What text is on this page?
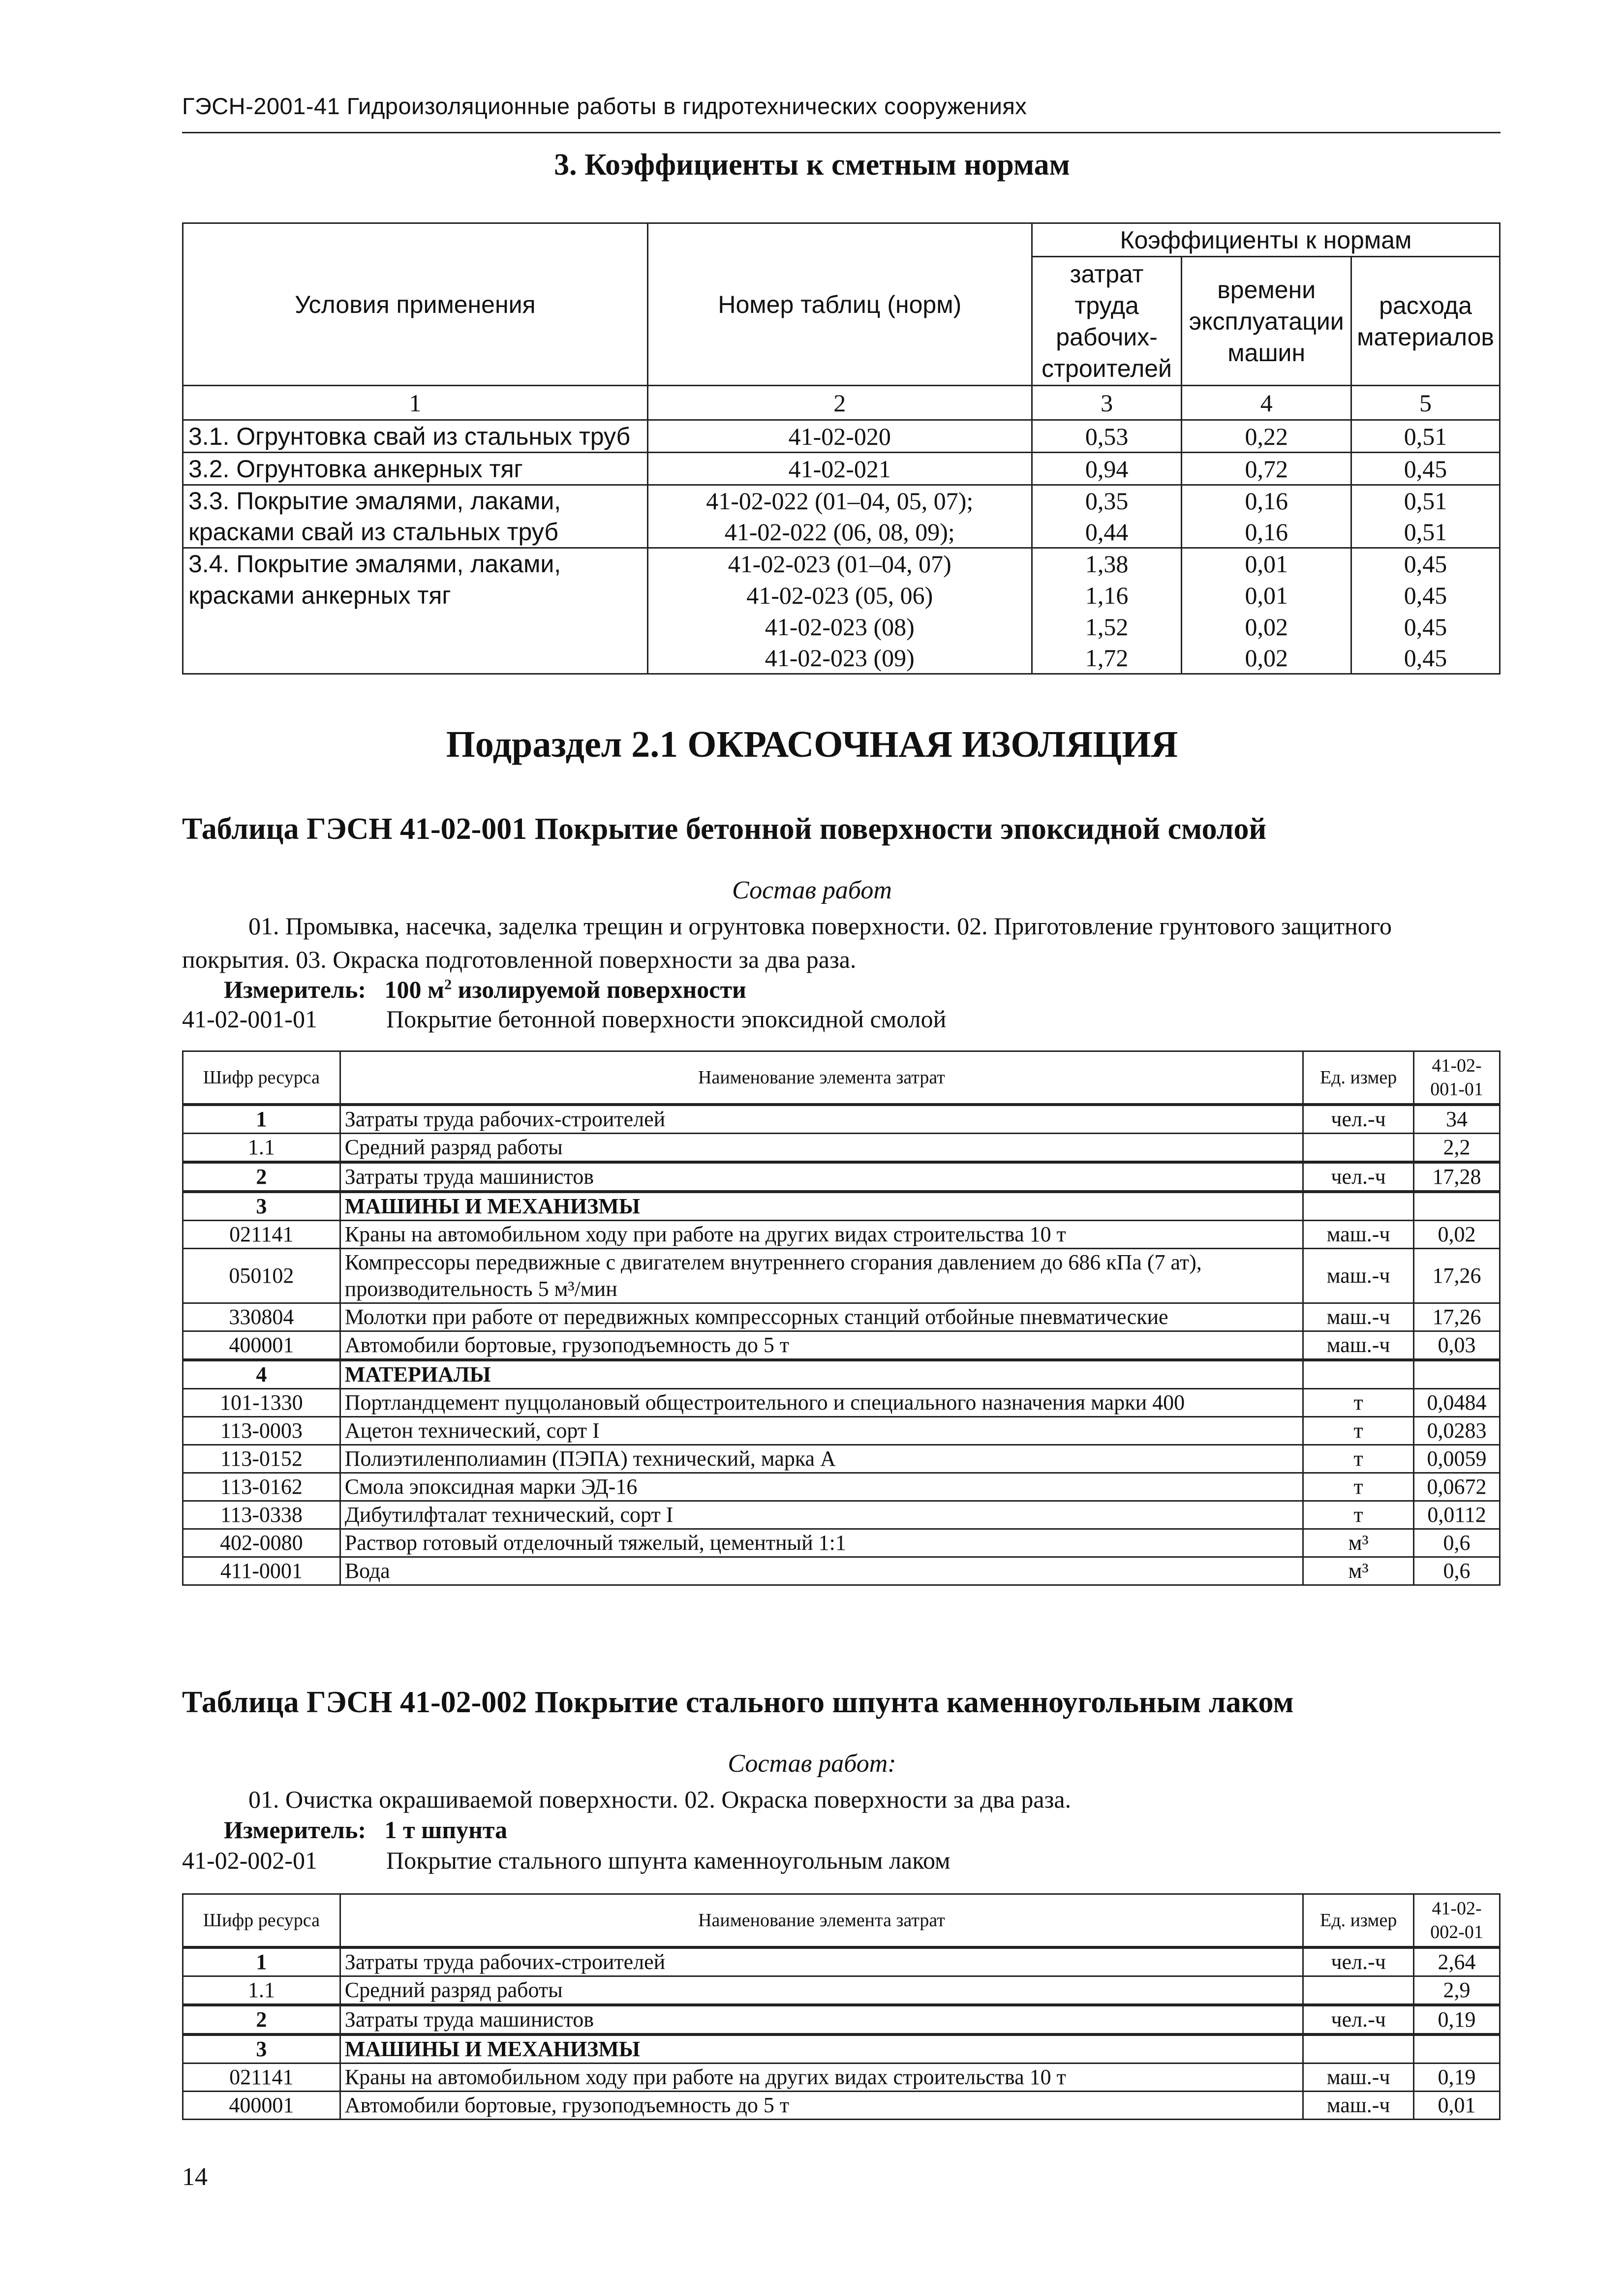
ГЭСН-2001-41 Гидроизоляционные работы в гидротехнических сооружениях
3. Коэффициенты к сметным нормам
Условия применения	Номер таблиц (норм)	Коэффициенты к нормам		
		затрат труда рабочих-строителей	времени эксплуатации машин	расхода материалов
1	2	3	4	5
3.1. Огрунтовка свай из стальных труб	41-02-020	0,53	0,22	0,51
3.2. Огрунтовка анкерных тяг	41-02-021	0,94	0,72	0,45
3.3. Покрытие эмалями, лаками,	41-02-022 (01–04, 05, 07);	0,35	0,16	0,51
красками свай из стальных труб	41-02-022 (06, 08, 09);	0,44	0,16	0,51
3.4. Покрытие эмалями, лаками,	41-02-023 (01–04, 07)	1,38	0,01	0,45
красками анкерных тяг	41-02-023 (05, 06)	1,16	0,01	0,45
	41-02-023 (08)	1,52	0,02	0,45
	41-02-023 (09)	1,72	0,02	0,45
Подраздел 2.1 ОКРАСОЧНАЯ ИЗОЛЯЦИЯ
Таблица ГЭСН 41-02-001 Покрытие бетонной поверхности эпоксидной смолой
Состав работ
01. Промывка, насечка, заделка трещин и огрунтовка поверхности. 02. Приготовление грунтового защитного покрытия. 03. Окраска подготовленной поверхности за два раза.
Измеритель: 100 $м^2$ изолируемой поверхности
41-02-001-01	Покрытие бетонной поверхности эпоксидной смолой
Шифр ресурса	Наименование элемента затрат	Ед. измер	41-02-001-01
1	Затраты труда рабочих-строителей	чел.-ч	34
1.1	Средний разряд работы		2,2
2	Затраты труда машинистов	чел.-ч	17,28
3	МАШИНЫ И МЕХАНИЗМЫ		
021141	Краны на автомобильном ходу при работе на других видах строительства 10 т	маш.-ч	0,02
050102	Компрессоры передвижные с двигателем внутреннего сгорания давлением до 686 кПа (7 ат), производительность 5 м³/мин	маш.-ч	17,26
330804	Молотки при работе от передвижных компрессорных станций отбойные пневматические	маш.-ч	17,26
400001	Автомобили бортовые, грузоподъемность до 5 т	маш.-ч	0,03
4	МАТЕРИАЛЫ		
101-1330	Портландцемент пуццолановый общестроительного и специального назначения марки 400	т	0,0484
113-0003	Ацетон технический, сорт I	т	0,0283
113-0152	Полиэтиленполиамин (ПЭПА) технический, марка А	т	0,0059
113-0162	Смола эпоксидная марки ЭД-16	т	0,0672
113-0338	Дибутилфталат технический, сорт I	т	0,0112
402-0080	Раствор готовый отделочный тяжелый, цементный 1:1	м³	0,6
411-0001	Вода	м³	0,6
Таблица ГЭСН 41-02-002 Покрытие стального шпунта каменноугольным лаком
Состав работ:
01. Очистка окрашиваемой поверхности. 02. Окраска поверхности за два раза.
Измеритель: 1 т шпунта
41-02-002-01	Покрытие стального шпунта каменноугольным лаком
Шифр ресурса	Наименование элемента затрат	Ед. измер	41-02-002-01
1	Затраты труда рабочих-строителей	чел.-ч	2,64
1.1	Средний разряд работы		2,9
2	Затраты труда машинистов	чел.-ч	0,19
3	МАШИНЫ И МЕХАНИЗМЫ		
021141	Краны на автомобильном ходу при работе на других видах строительства 10 т	маш.-ч	0,19
400001	Автомобили бортовые, грузоподъемность до 5 т	маш.-ч	0,01
14
